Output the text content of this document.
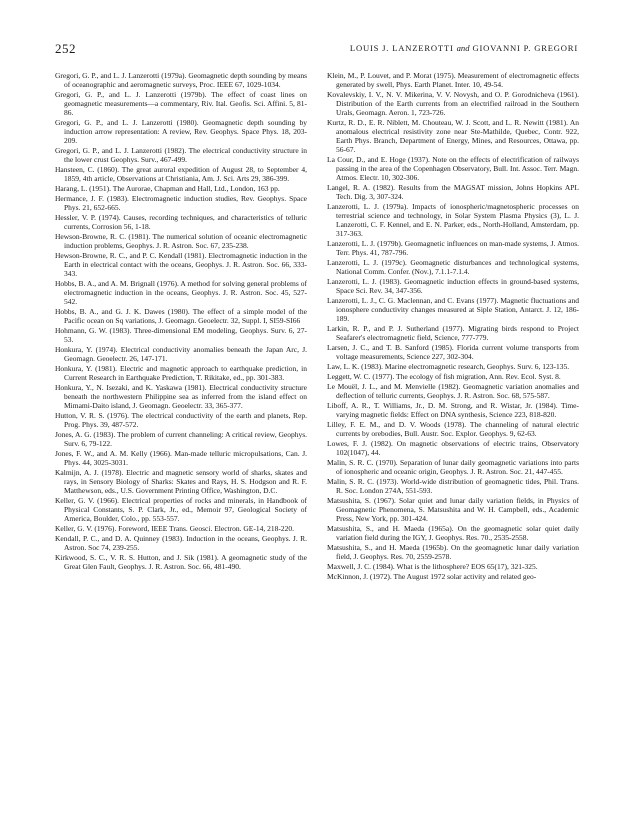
252	LOUIS J. LANZEROTTI and GIOVANNI P. GREGORI

Gregori, G. P., and L. J. Lanzerotti (1979a). Geomagnetic depth sounding by means of oceanographic and aeromagnetic surveys, Proc. IEEE 67, 1029-1034.

Gregori, G. P., and L. J. Lanzerotti (1979b). The effect of coast lines on geomagnetic measurements—a commentary, Riv. Ital. Geofis. Sci. Affini. 5, 81-86.

Gregori, G. P., and L. J. Lanzerotti (1980). Geomagnetic depth sounding by induction arrow representation: A review, Rev. Geophys. Space Phys. 18, 203-209.

Gregori, G. P., and L. J. Lanzerotti (1982). The electrical conductivity structure in the lower crust Geophys. Surv., 467-499.

Hansteen, C. (1860). The great auroral expedition of August 28, to September 4, 1859, 4th article, Observations at Christiania, Am. J. Sci. Arts 29, 386-399.

Harang, L. (1951). The Aurorae, Chapman and Hall, Ltd., London, 163 pp.

Hermance, J. F. (1983). Electromagnetic induction studies, Rev. Geophys. Space Phys. 21, 652-665.

Hessler, V. P. (1974). Causes, recording techniques, and characteristics of telluric currents, Corrosion 56, 1-18.

Hewson-Browne, R. C. (1981). The numerical solution of oceanic electromagnetic induction problems, Geophys. J. R. Astron. Soc. 67, 235-238.

Hewson-Browne, R. C., and P. C. Kendall (1981). Electromagnetic induction in the Earth in electrical contact with the oceans, Geophys. J. R. Astron. Soc. 66, 333-343.

Hobbs, B. A., and A. M. Brignall (1976). A method for solving general problems of electromagnetic induction in the oceans, Geophys. J. R. Astron. Soc. 45, 527-542.

Hobbs, B. A., and G. J. K. Dawes (1980). The effect of a simple model of the Pacific ocean on Sq variations, J. Geomagn. Geoelectr. 32, Suppl. I, SI59-SI66

Hohmann, G. W. (1983). Three-dimensional EM modeling, Geophys. Surv. 6, 27-53.

Honkura, Y. (1974). Electrical conductivity anomalies beneath the Japan Arc, J. Geomagn. Geoelectr. 26, 147-171.

Honkura, Y. (1981). Electric and magnetic approach to earthquake prediction, in Current Research in Earthquake Prediction, T. Rikitake, ed., pp. 301-383.

Honkura, Y., N. Isezaki, and K. Yaskawa (1981). Electrical conductivity structure beneath the northwestern Philippine sea as inferred from the island effect on Mimami-Daito island, J. Geomagn. Geoelectr. 33, 365-377.

Hutton, V. R. S. (1976). The electrical conductivity of the earth and planets, Rep. Prog. Phys. 39, 487-572.

Jones, A. G. (1983). The problem of current channeling: A critical review, Geophys. Surv. 6, 79-122.

Jones, F. W., and A. M. Kelly (1966). Man-made telluric micropulsations, Can. J. Phys. 44, 3025-3031.

Kalmijn, A. J. (1978). Electric and magnetic sensory world of sharks, skates and rays, in Sensory Biology of Sharks: Skates and Rays, H. S. Hodgson and R. F. Matthewson, eds., U.S. Government Printing Office, Washington, D.C.

Keller, G. V. (1966). Electrical properties of rocks and minerals, in Handbook of Physical Constants, S. P. Clark, Jr., ed., Memoir 97, Geological Society of America, Boulder, Colo., pp. 553-557.

Keller, G. V. (1976). Foreword, IEEE Trans. Geosci. Electron. GE-14, 218-220.

Kendall, P. C., and D. A. Quinney (1983). Induction in the oceans, Geophys. J. R. Astron. Soc 74, 239-255.

Kirkwood, S. C., V. R. S. Hutton, and J. Sik (1981). A geomagnetic study of the Great Glen Fault, Geophys. J. R. Astron. Soc. 66, 481-490.

Klein, M., P. Louvet, and P. Morat (1975). Measurement of electromagnetic effects generated by swell, Phys. Earth Planet. Inter. 10, 49-54.

Kovalevskiy, I. V., N. V. Mikerina, V. V. Novysh, and O. P. Gorodnicheva (1961). Distribution of the Earth currents from an electrified railroad in the Southern Urals, Geomagn. Aeron. 1, 723-726.

Kurtz, R. D., E. R. Niblett, M. Chouteau, W. J. Scott, and L. R. Newitt (1981). An anomalous electrical resistivity zone near Ste-Mathilde, Quebec, Contr. 922, Earth Phys. Branch, Department of Energy, Mines, and Resources, Ottawa, pp. 56-67.

La Cour, D., and E. Hoge (1937). Note on the effects of electrification of railways passing in the area of the Copenhagen Observatory, Bull. Int. Assoc. Terr. Magn. Atmos. Electr. 10, 302-306.

Langel, R. A. (1982). Results from the MAGSAT mission, Johns Hopkins APL Tech. Dig. 3, 307-324.

Lanzerotti, L. J. (1979a). Impacts of ionospheric/magnetospheric processes on terrestrial science and technology, in Solar System Plasma Physics (3), L. J. Lanzerotti, C. F. Kennel, and E. N. Parker, eds., North-Holland, Amsterdam, pp. 317-363.

Lanzerotti, L. J. (1979b). Geomagnetic influences on man-made systems, J. Atmos. Terr. Phys. 41, 787-796.

Lanzerotti, L. J. (1979c). Geomagnetic disturbances and technological systems, National Comm. Confer. (Nov.), 7.1.1-7.1.4.

Lanzerotti, L. J. (1983). Geomagnetic induction effects in ground-based systems, Space Sci. Rev. 34, 347-356.

Lanzerotti, L. J., C. G. Maclennan, and C. Evans (1977). Magnetic fluctuations and ionosphere conductivity changes measured at Siple Station, Antarct. J. 12, 186-189.

Larkin, R. P., and P. J. Sutherland (1977). Migrating birds respond to Project Seafarer's electromagnetic field, Science, 777-779.

Larsen, J. C., and T. B. Sanford (1985). Florida current volume transports from voltage measurements, Science 227, 302-304.

Law, L. K. (1983). Marine electromagnetic research, Geophys. Surv. 6, 123-135.

Leggett, W. C. (1977). The ecology of fish migration, Ann. Rev. Ecol. Syst. 8.

Le Mouël, J. L., and M. Menvielle (1982). Geomagnetic variation anomalies and deflection of telluric currents, Geophys. J. R. Astron. Soc. 68, 575-587.

Liboff, A. R., T. Williams, Jr., D. M. Strong, and R. Wistar, Jr. (1984). Time-varying magnetic fields: Effect on DNA synthesis, Science 223, 818-820.

Lilley, F. E. M., and D. V. Woods (1978). The channeling of natural electric currents by orebodies, Bull. Austr. Soc. Explor. Geophys. 9, 62-63.

Lowes, F. J. (1982). On magnetic observations of electric trains, Observatory 102(1047), 44.

Malin, S. R. C. (1970). Separation of lunar daily geomagnetic variations into parts of ionospheric and oceanic origin, Geophys. J. R. Astron. Soc. 21, 447-455.

Malin, S. R. C. (1973). World-wide distribution of geomagnetic tides, Phil. Trans. R. Soc. London 274A, 551-593.

Matsushita, S. (1967). Solar quiet and lunar daily variation fields, in Physics of Geomagnetic Phenomena, S. Matsushita and W. H. Campbell, eds., Academic Press, New York, pp. 301-424.

Matsushita, S., and H. Maeda (1965a). On the geomagnetic solar quiet daily variation field during the IGY, J. Geophys. Res. 70., 2535-2558.

Matsushita, S., and H. Maeda (1965b). On the geomagnetic lunar daily variation field, J. Geophys. Res. 70, 2559-2578.

Maxwell, J. C. (1984). What is the lithosphere? EOS 65(17), 321-325.

McKinnon, J. (1972). The August 1972 solar activity and related geo-
